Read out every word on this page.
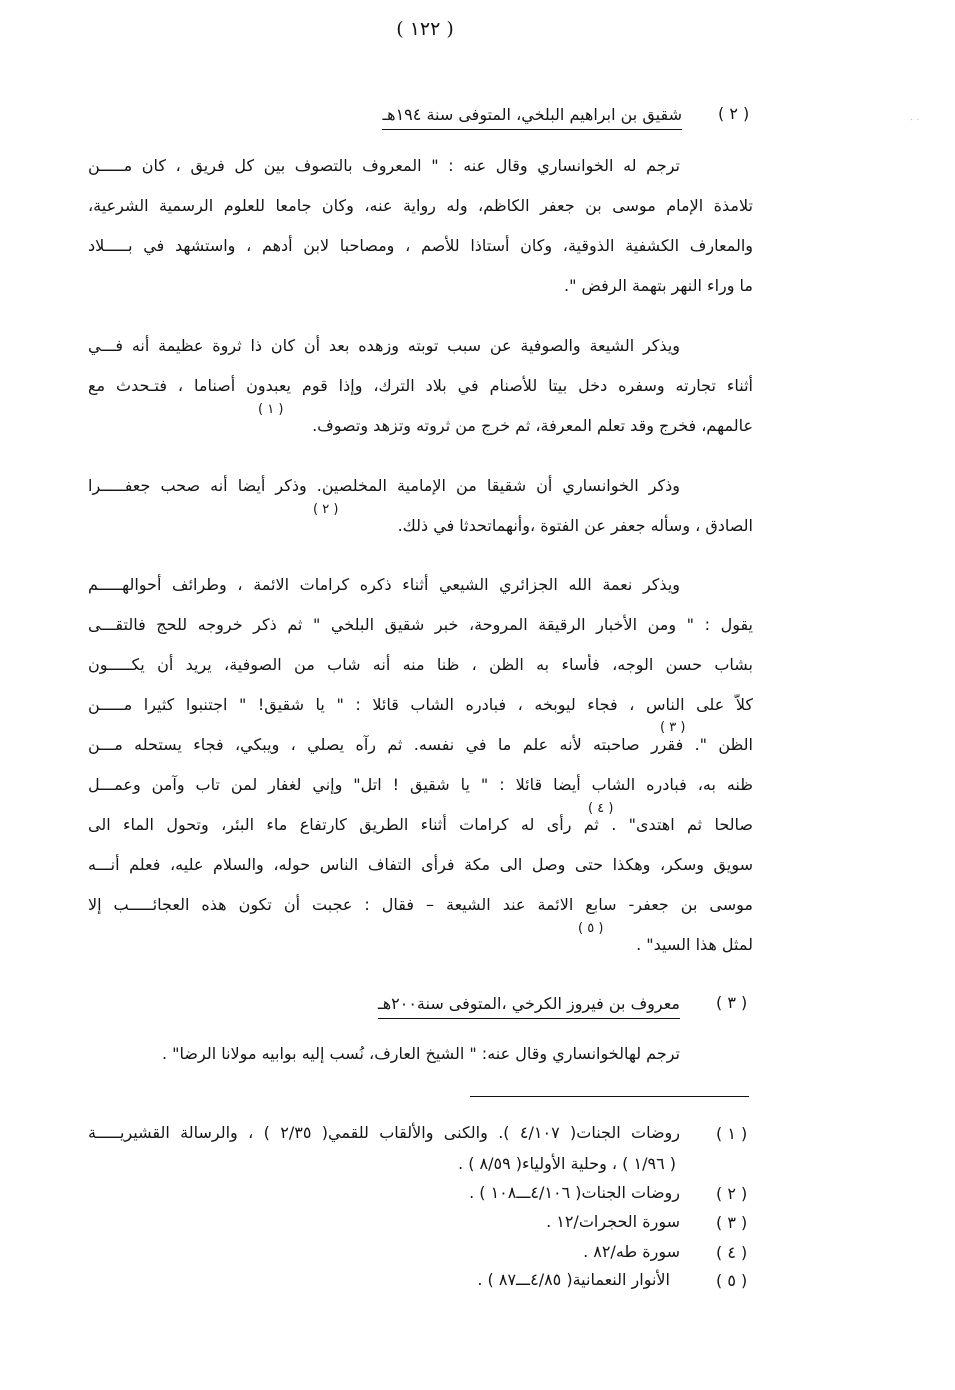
( ١٢٢ )
⋅ ⋅
( ٢ )
شقيق بن ابراهيم البلخي، المتوفى سنة ١٩٤هـ
ترجم له الخوانساري وقال عنه : " المعروف بالتصوف بين كل فريق ، كان مـــــن
تلامذة الإمام موسى بن جعفر الكاظم، وله رواية عنه، وكان جامعا للعلوم الرسمية الشرعية،
والمعارف الكشفية الذوقية، وكان أُستاذا للأصم ، ومصاحبا لابن أدهم ، واستشهد في بـــــلاد
ما وراء النهر بتهمة الرفض ".
ويذكر الشيعة والصوفية عن سبب توبته وزهده بعد أن كان ذا ثروة عظيمة أنه فـــي
أثناء تجارته وسفره دخل بيتا للأصنام في بلاد الترك، وإذا قوم يعبدون أصناما ، فتـحدث مع
عالمهم، فخرج وقد تعلم المعرفة، ثم خرج من ثروته وتزهد وتصوف.
( ١ )
وذكر الخوانساري أن شقيقا من الإمامية المخلصين. وذكر أيضا أنه صحب جعفـــــرا
الصادق ، وسأله جعفر عن الفتوة ،وأنهماتحدثا في ذلك.
( ٢ )
ويذكر نعمة الله الجزائري الشيعي أثناء ذكره كرامات الائمة ، وطرائف أحوالهـــــم
يقول : " ومن الأخبار الرقيقة المروحة، خبر شقيق البلخي " ثم ذكر خروجه للحج فالتقـــى
بشاب حسن الوجه، فأساء به الظن ، ظنا منه أنه شاب من الصوفية، يريد أن يكـــــون
كلاًّ على الناس ، فجاء ليوبخه ، فبادره الشاب قائلا : " يا شقيق! " اجتنبوا كثيرا مـــــن
( ٣ )
الظن ". فقرر صاحبته لأنه علم ما في نفسه. ثم رآه يصلي ، ويبكي، فجاء يستحله مـــن
ظنه به، فبادره الشاب أيضا قائلا : " يا شقيق ! اتل" وإني لغفار لمن تاب وآمن وعمـــل
( ٤ )
صالحا ثم اهتدى" . ثم رأى له كرامات أثناء الطريق كارتفاع ماء البئر، وتحول الماء الى
سويق وسكر، وهكذا حتى وصل الى مكة فرأى التفاف الناس حوله، والسلام عليه، فعلم أنـــه
موسى بن جعفر- سابع الائمة عند الشيعة – فقال : عجبت أن تكون هذه العجائـــــب إلا
( ٥ )
لمثل هذا السيد" .
( ٣ )
معروف بن فيروز الكرخي ،المتوفى سنة٢٠٠هـ
ترجم لهالخوانساري وقال عنه: " الشيخ العارف، نُسب إليه بوابيه مولانا الرضا" .
( ١ )
روضات الجنات( ٤/١٠٧ ). والكنى والألقاب للقمي( ٢/٣٥ ) ، والرسالة القشيريـــــة
( ١/٩٦ ) ، وحلية الأولياء( ٨/٥٩ ) .
( ٢ )
روضات الجنات( ٤/١٠٦ـــ١٠٨ ) .
( ٣ )
سورة الحجرات/١٢ .
( ٤ )
سورة طه/٨٢ .
( ٥ )
الأنوار النعمانية( ٤/٨٥ـــ٨٧ ) .
